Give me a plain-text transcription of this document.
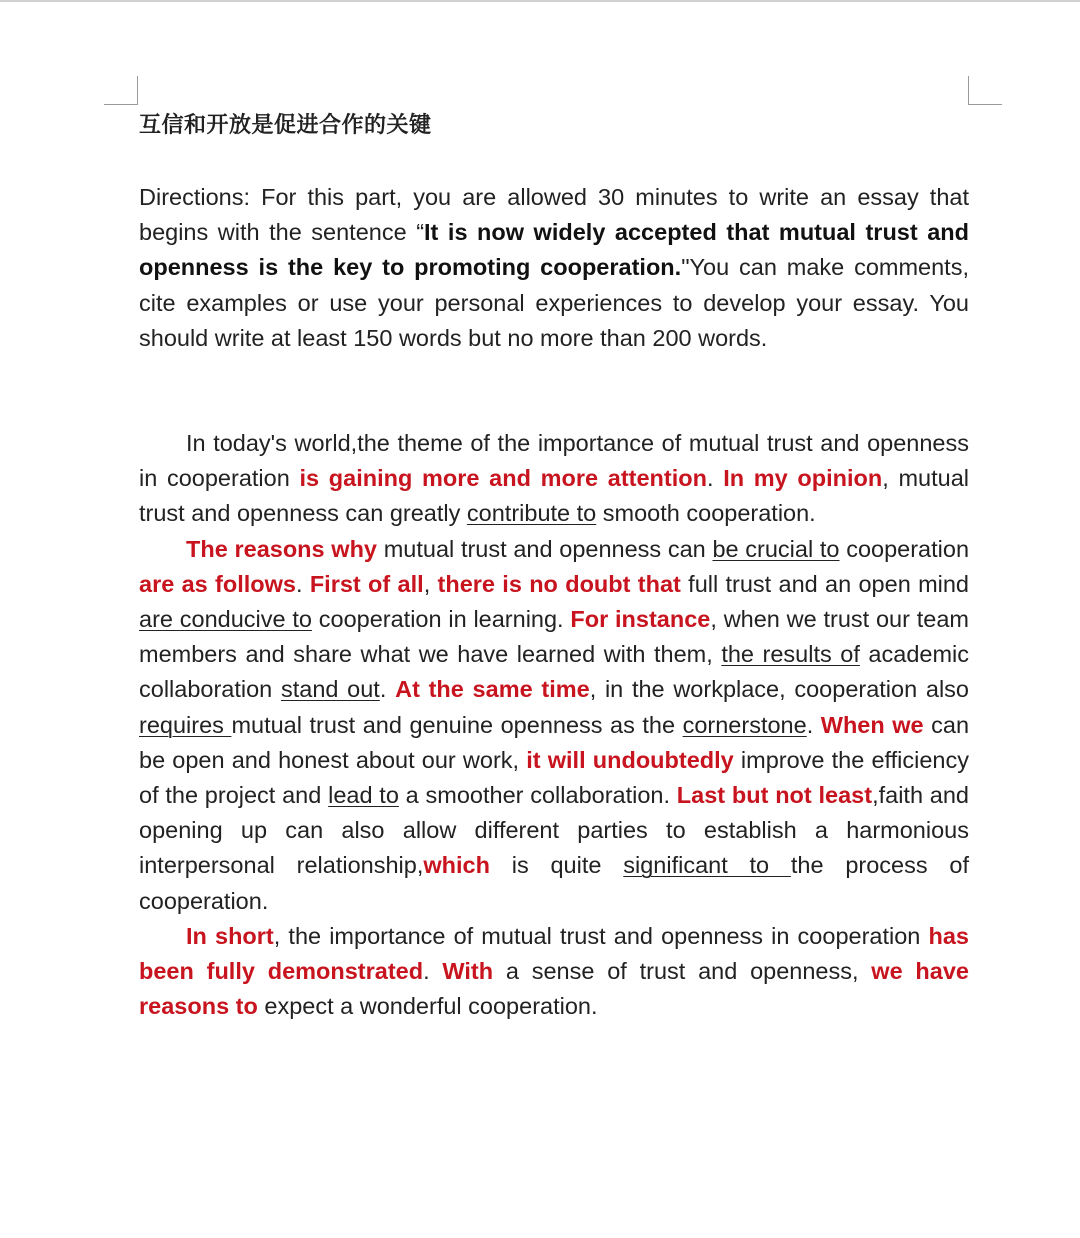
互信和开放是促进合作的关键

Directions: For this part, you are allowed 30 minutes to write an essay that begins with the sentence “It is now widely accepted that mutual trust and openness is the key to promoting cooperation."You can make comments, cite examples or use your personal experiences to develop your essay. You should write at least 150 words but no more than 200 words.

In today's world,the theme of the importance of mutual trust and openness in cooperation is gaining more and more attention. In my opinion, mutual trust and openness can greatly contribute to smooth cooperation.

The reasons why mutual trust and openness can be crucial to cooperation are as follows. First of all, there is no doubt that full trust and an open mind are conducive to cooperation in learning. For instance, when we trust our team members and share what we have learned with them, the results of academic collaboration stand out. At the same time, in the workplace, cooperation also requires mutual trust and genuine openness as the cornerstone. When we can be open and honest about our work, it will undoubtedly improve the efficiency of the project and lead to a smoother collaboration. Last but not least,faith and opening up can also allow different parties to establish a harmonious interpersonal relationship,which is quite significant to the process of cooperation.

In short, the importance of mutual trust and openness in cooperation has been fully demonstrated. With a sense of trust and openness, we have reasons to expect a wonderful cooperation.
